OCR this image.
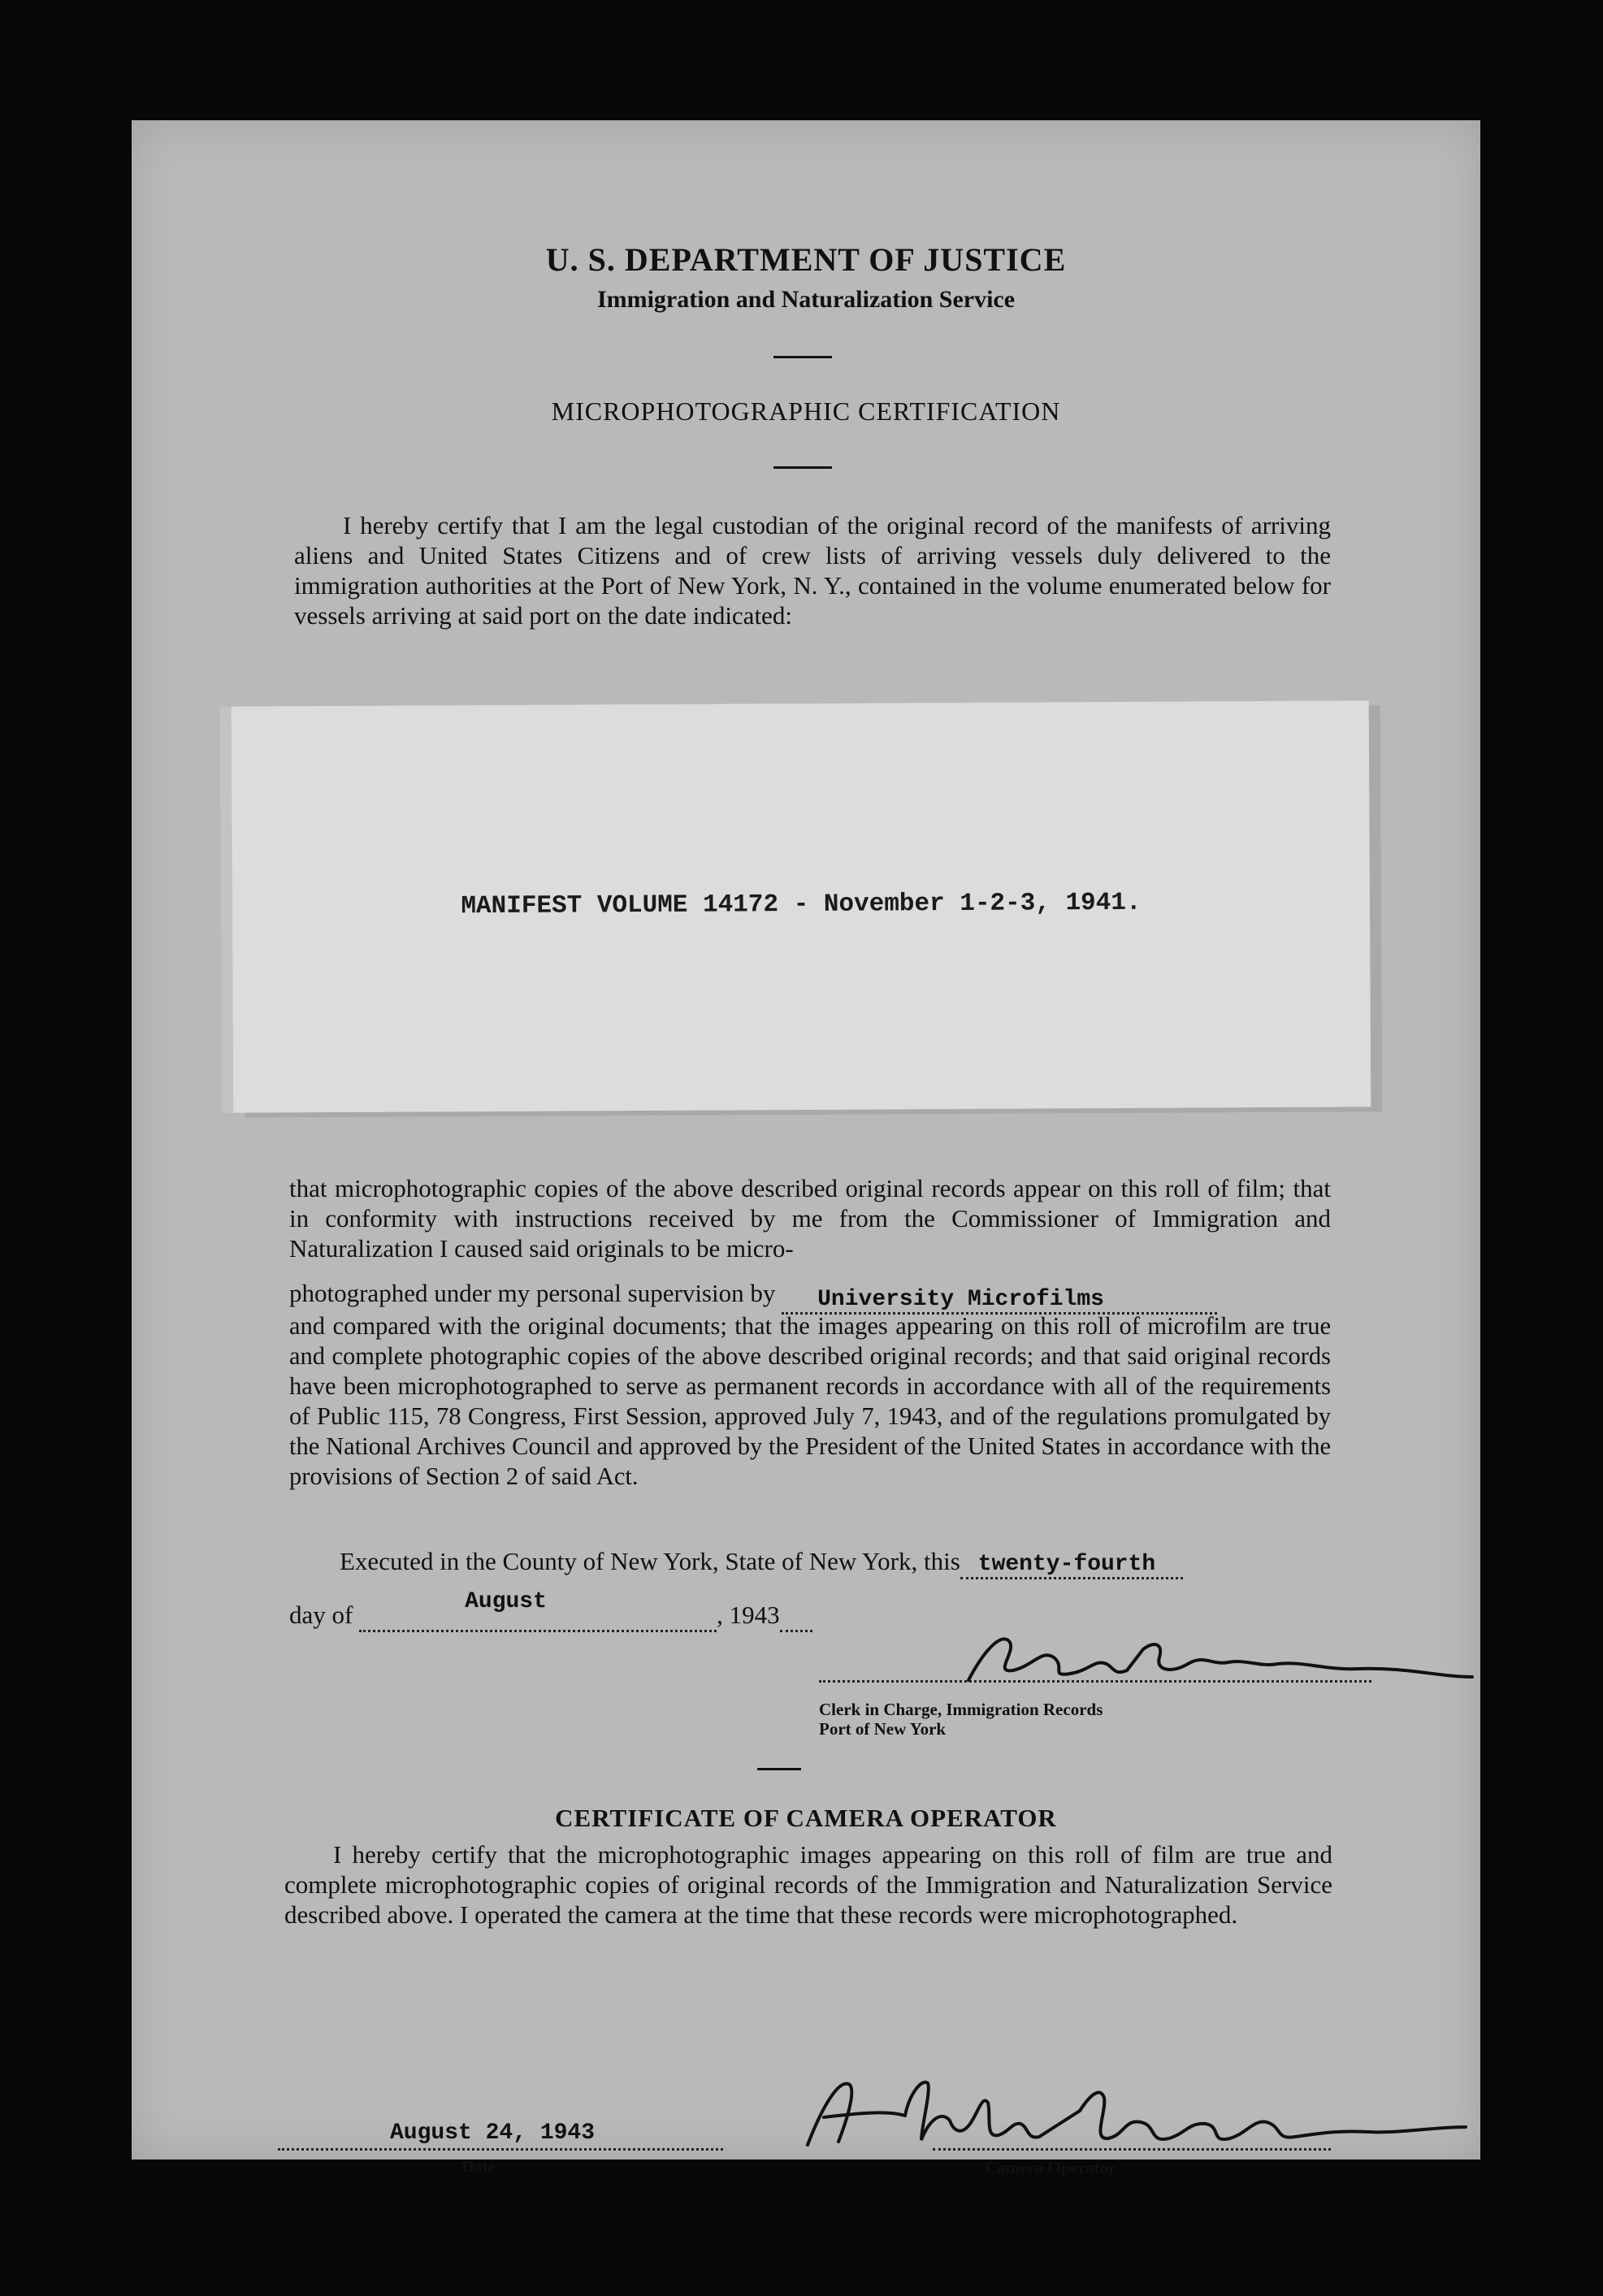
U. S. DEPARTMENT OF JUSTICE
Immigration and Naturalization Service
MICROPHOTOGRAPHIC CERTIFICATION
I hereby certify that I am the legal custodian of the original record of the manifests of arriving aliens and United States Citizens and of crew lists of arriving vessels duly delivered to the immigration authorities at the Port of New York, N. Y., contained in the volume enumerated below for vessels arriving at said port on the date indicated:
MANIFEST VOLUME 14172 - November 1-2-3, 1941.
that microphotographic copies of the above described original records appear on this roll of film; that in conformity with instructions received by me from the Commissioner of Immigration and Naturalization I caused said originals to be micro-
photographed under my personal supervision by University Microfilms
and compared with the original documents; that the images appearing on this roll of microfilm are true and complete photographic copies of the above described original records; and that said original records have been microphotographed to serve as permanent records in accordance with all of the requirements of Public 115, 78 Congress, First Session, approved July 7, 1943, and of the regulations promulgated by the National Archives Council and approved by the President of the United States in accordance with the provisions of Section 2 of said Act.
Executed in the County of New York, State of New York, this twenty-fourth
day of	August	, 1943
Clerk in Charge, Immigration Records
Port of New York
CERTIFICATE OF CAMERA OPERATOR
I hereby certify that the microphotographic images appearing on this roll of film are true and complete microphotographic copies of original records of the Immigration and Naturalization Service described above. I operated the camera at the time that these records were microphotographed.
August 24, 1943
Date	Camera Operator
